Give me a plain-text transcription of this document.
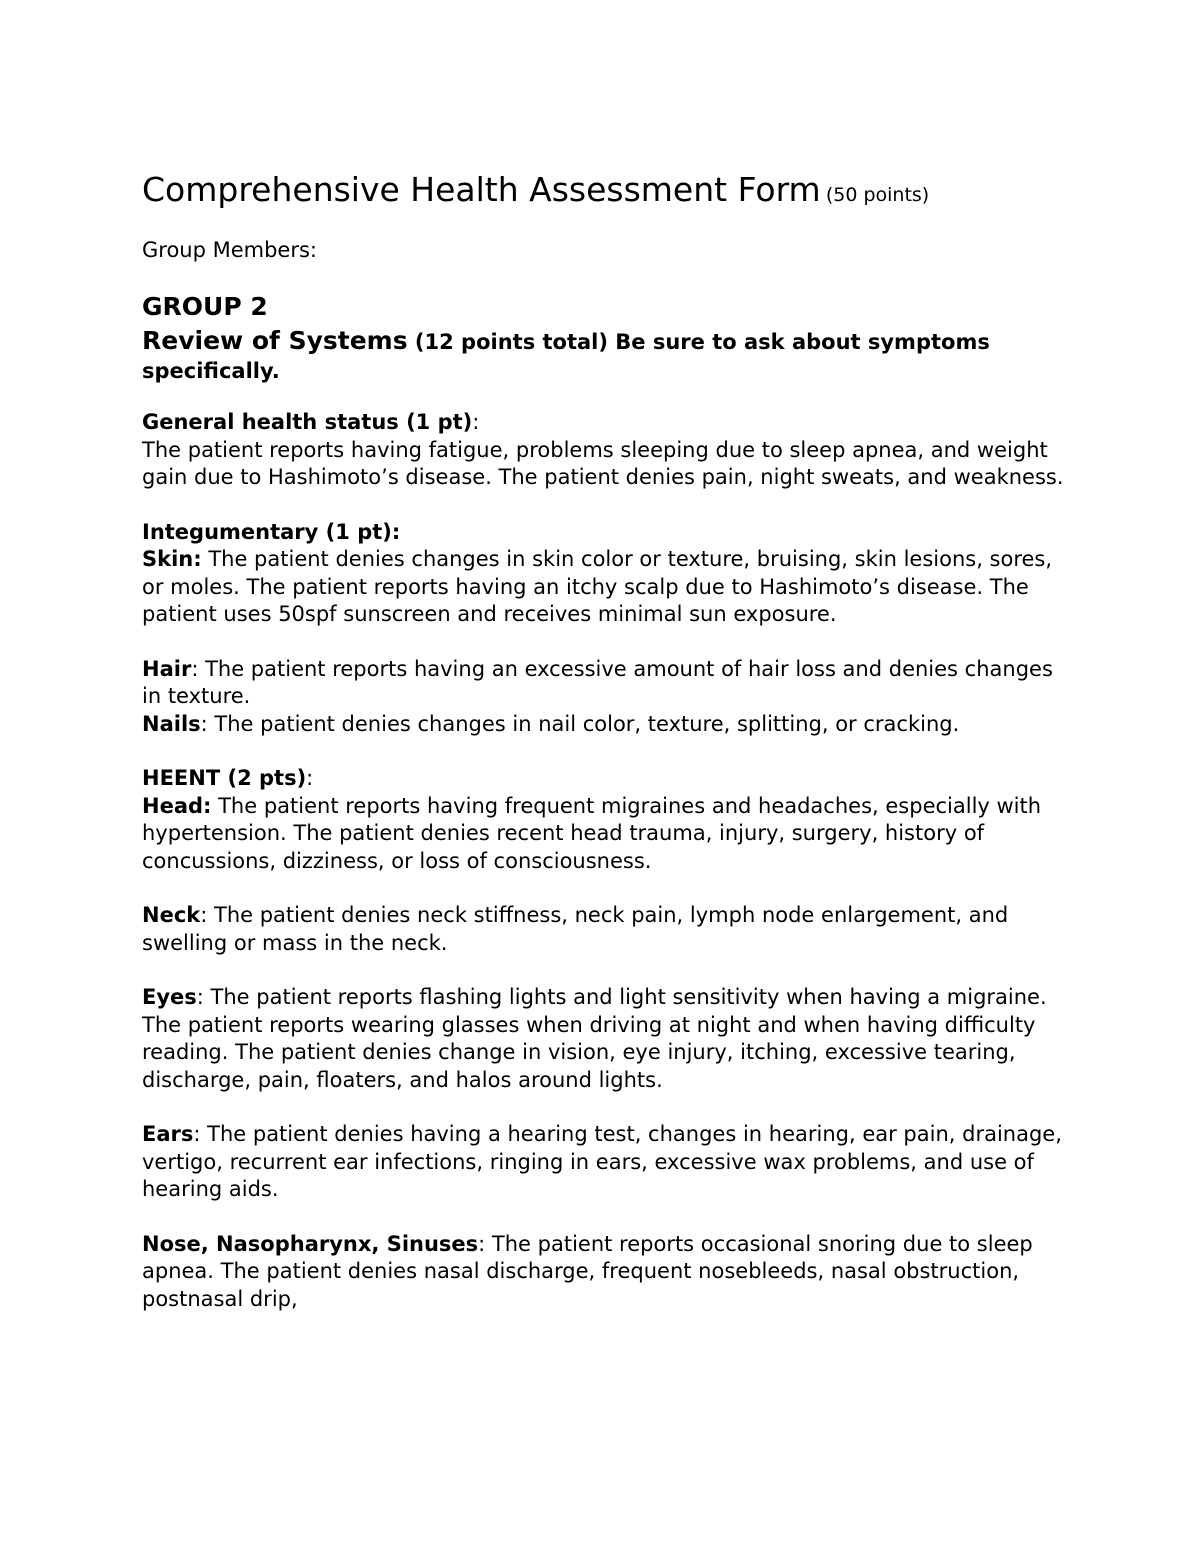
Comprehensive Health Assessment Form (50 points)
Group Members:
GROUP 2
Review of Systems (12 points total) Be sure to ask about symptoms specifically.

General health status (1 pt):

The patient reports having fatigue, problems sleeping due to sleep apnea, and weight gain due to Hashimoto’s disease. The patient denies pain, night sweats, and weakness.

Integumentary (1 pt):

Skin: The patient denies changes in skin color or texture, bruising, skin lesions, sores, or moles. The patient reports having an itchy scalp due to Hashimoto’s disease. The patient uses 50spf sunscreen and receives minimal sun exposure.

Hair: The patient reports having an excessive amount of hair loss and denies changes in texture.

Nails: The patient denies changes in nail color, texture, splitting, or cracking.

HEENT (2 pts):

Head: The patient reports having frequent migraines and headaches, especially with hypertension. The patient denies recent head trauma, injury, surgery, history of concussions, dizziness, or loss of consciousness.

Neck: The patient denies neck stiffness, neck pain, lymph node enlargement, and swelling or mass in the neck.

Eyes: The patient reports flashing lights and light sensitivity when having a migraine. The patient reports wearing glasses when driving at night and when having difficulty reading. The patient denies change in vision, eye injury, itching, excessive tearing, discharge, pain, floaters, and halos around lights.

Ears: The patient denies having a hearing test, changes in hearing, ear pain, drainage, vertigo, recurrent ear infections, ringing in ears, excessive wax problems, and use of hearing aids.

Nose, Nasopharynx, Sinuses: The patient reports occasional snoring due to sleep apnea. The patient denies nasal discharge, frequent nosebleeds, nasal obstruction, postnasal drip,
